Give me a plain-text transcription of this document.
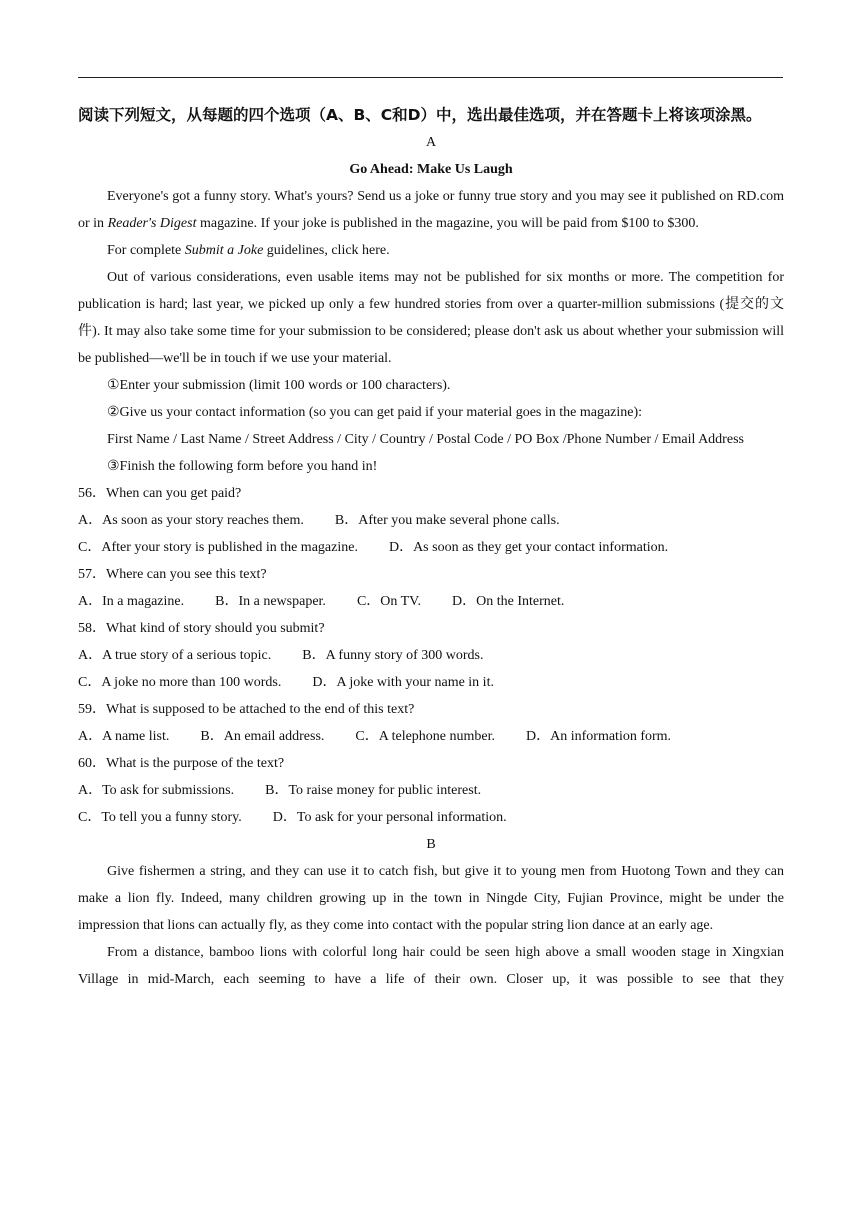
阅读下列短文，从每题的四个选项（A、B、C和D）中，选出最佳选项，并在答题卡上将该项涂黑。

A

Go Ahead: Make Us Laugh

Everyone's got a funny story. What's yours? Send us a joke or funny true story and you may see it published on RD.com or in Reader's Digest magazine. If your joke is published in the magazine, you will be paid from $100 to $300.

For complete Submit a Joke guidelines, click here.

Out of various considerations, even usable items may not be published for six months or more. The competition for publication is hard; last year, we picked up only a few hundred stories from over a quarter-million submissions (提交的文件). It may also take some time for your submission to be considered; please don't ask us about whether your submission will be published—we'll be in touch if we use your material.

①Enter your submission (limit 100 words or 100 characters).

②Give us your contact information (so you can get paid if your material goes in the magazine):

First Name / Last Name / Street Address / City / Country / Postal Code / PO Box /Phone Number / Email Address

③Finish the following form before you hand in!

56．When can you get paid?

A．As soon as your story reaches them. B．After you make several phone calls.

C．After your story is published in the magazine. D．As soon as they get your contact information.

57．Where can you see this text?

A．In a magazine. B．In a newspaper. C．On TV. D．On the Internet.

58．What kind of story should you submit?

A．A true story of a serious topic. B．A funny story of 300 words.

C．A joke no more than 100 words. D．A joke with your name in it.

59．What is supposed to be attached to the end of this text?

A．A name list. B．An email address. C．A telephone number. D．An information form.

60．What is the purpose of the text?

A．To ask for submissions. B．To raise money for public interest.

C．To tell you a funny story. D．To ask for your personal information.

B

Give fishermen a string, and they can use it to catch fish, but give it to young men from Huotong Town and they can make a lion fly. Indeed, many children growing up in the town in Ningde City, Fujian Province, might be under the impression that lions can actually fly, as they come into contact with the popular string lion dance at an early age.

From a distance, bamboo lions with colorful long hair could be seen high above a small wooden stage in Xingxian Village in mid-March, each seeming to have a life of their own. Closer up, it was possible to see that they
